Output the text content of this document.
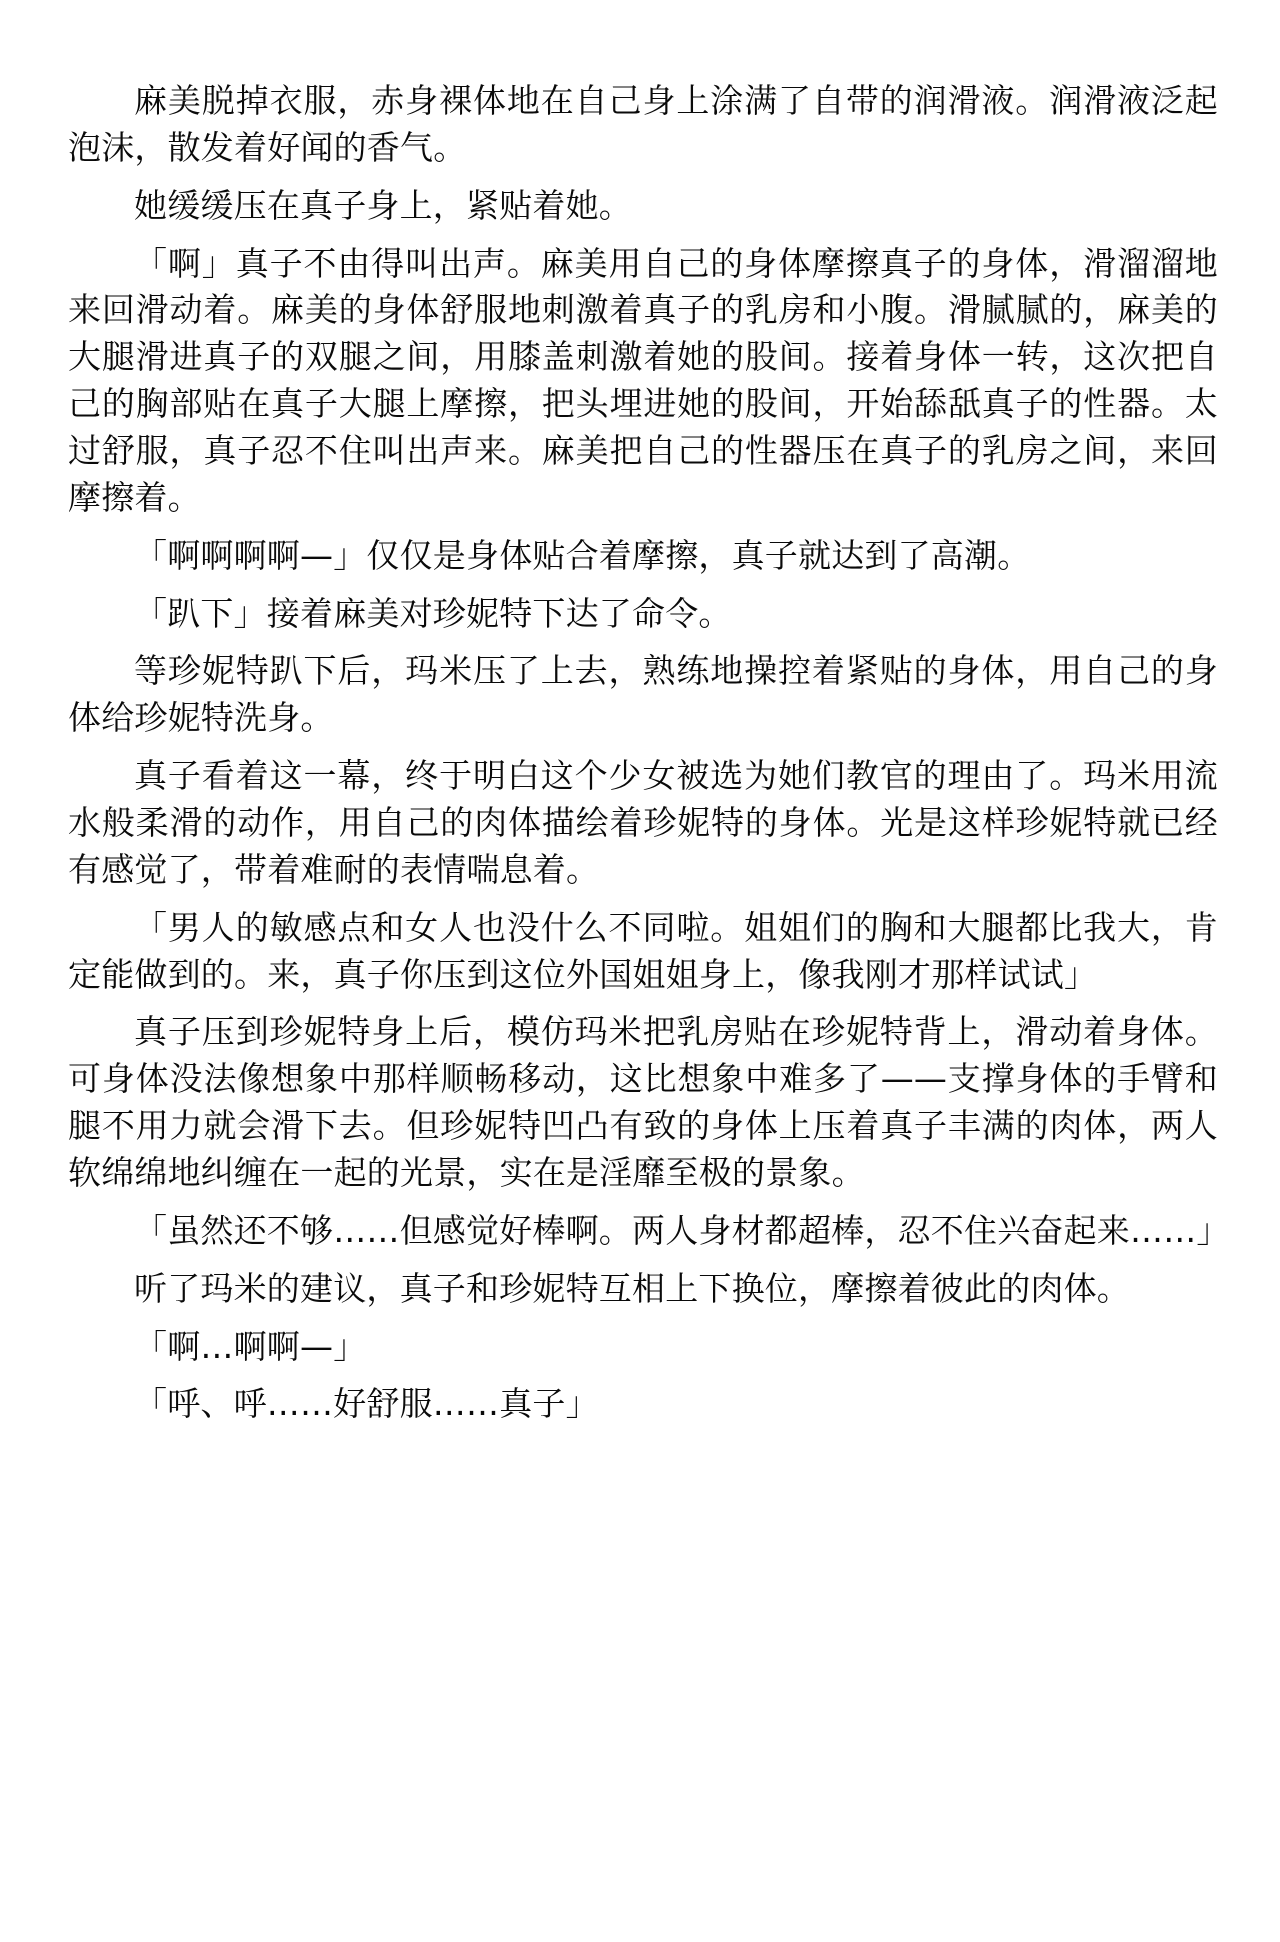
麻美脱掉衣服，赤身裸体地在自己身上涂满了自带的润滑液。润滑液泛起泡沫，散发着好闻的香气。

她缓缓压在真子身上，紧贴着她。

「啊」真子不由得叫出声。麻美用自己的身体摩擦真子的身体，滑溜溜地来回滑动着。麻美的身体舒服地刺激着真子的乳房和小腹。滑腻腻的，麻美的大腿滑进真子的双腿之间，用膝盖刺激着她的股间。接着身体一转，这次把自己的胸部贴在真子大腿上摩擦，把头埋进她的股间，开始舔舐真子的性器。太过舒服，真子忍不住叫出声来。麻美把自己的性器压在真子的乳房之间，来回摩擦着。

「啊啊啊啊—」仅仅是身体贴合着摩擦，真子就达到了高潮。

「趴下」接着麻美对珍妮特下达了命令。

等珍妮特趴下后，玛米压了上去，熟练地操控着紧贴的身体，用自己的身体给珍妮特洗身。

真子看着这一幕，终于明白这个少女被选为她们教官的理由了。玛米用流水般柔滑的动作，用自己的肉体描绘着珍妮特的身体。光是这样珍妮特就已经有感觉了，带着难耐的表情喘息着。

「男人的敏感点和女人也没什么不同啦。姐姐们的胸和大腿都比我大，肯定能做到的。来，真子你压到这位外国姐姐身上，像我刚才那样试试」

真子压到珍妮特身上后，模仿玛米把乳房贴在珍妮特背上，滑动着身体。可身体没法像想象中那样顺畅移动，这比想象中难多了——支撑身体的手臂和腿不用力就会滑下去。但珍妮特凹凸有致的身体上压着真子丰满的肉体，两人软绵绵地纠缠在一起的光景，实在是淫靡至极的景象。

「虽然还不够……但感觉好棒啊。两人身材都超棒，忍不住兴奋起来……」

听了玛米的建议，真子和珍妮特互相上下换位，摩擦着彼此的肉体。

「啊…啊啊—」

「呼、呼……好舒服……真子」
